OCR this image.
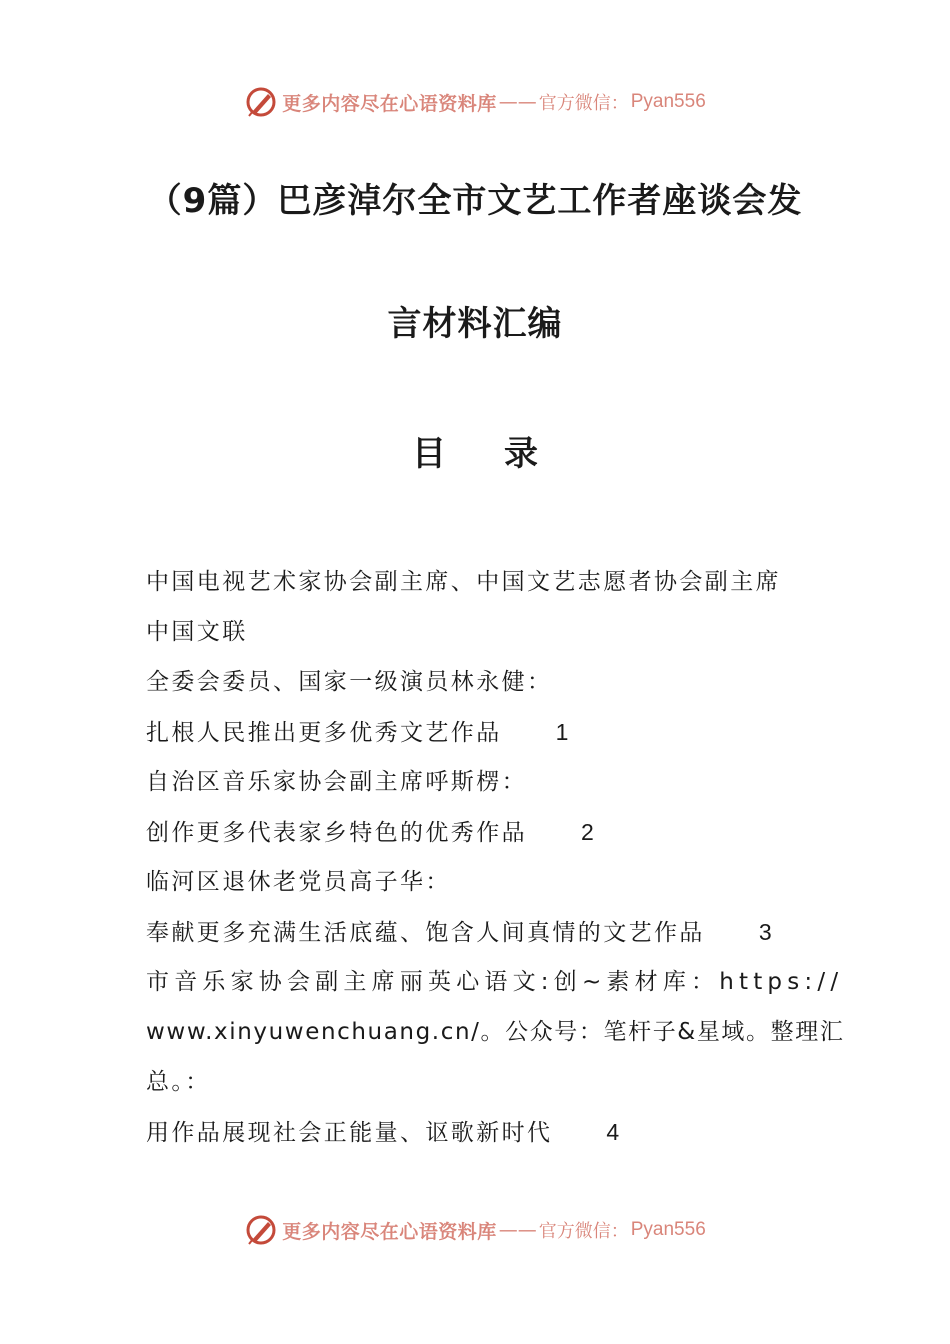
更多内容尽在心语资料库 —— 官方微信： Pyan556
（9篇）巴彦淖尔全市文艺工作者座谈会发
言材料汇编
目 录
中国电视艺术家协会副主席、中国文艺志愿者协会副主席
中国文联
全委会委员、国家一级演员林永健：
扎根人民推出更多优秀文艺作品 1
自治区音乐家协会副主席呼斯楞：
创作更多代表家乡特色的优秀作品 2
临河区退休老党员高子华：
奉献更多充满生活底蕴、饱含人间真情的文艺作品 3
市音乐家协会副主席丽英心语文:创~素材库：https://
www.xinyuwenchuang.cn/。公众号：笔杆子&星域。整理汇
总。：
用作品展现社会正能量、讴歌新时代 4
更多内容尽在心语资料库 —— 官方微信： Pyan556
